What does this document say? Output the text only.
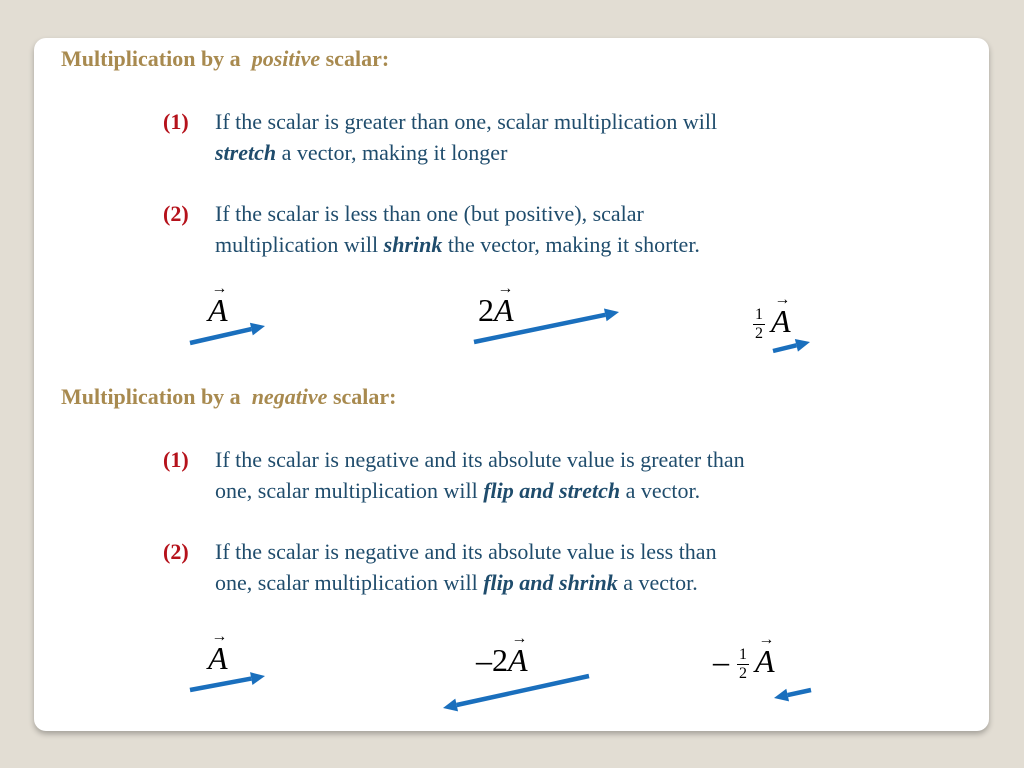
Multiplication by a positive scalar:
(1) If the scalar is greater than one, scalar multiplication will
stretch a vector, making it longer
(2) If the scalar is less than one (but positive), scalar
multiplication will shrink the vector, making it shorter.
→
A	2
→
A	$\frac{1}{2}$
→
A
Multiplication by a negative scalar:
(1) If the scalar is negative and its absolute value is greater than
one, scalar multiplication will flip and stretch a vector.
(2) If the scalar is negative and its absolute value is less than
one, scalar multiplication will flip and shrink a vector.
→
A	–2
→
A	– $\frac{1}{2}$
→
A
